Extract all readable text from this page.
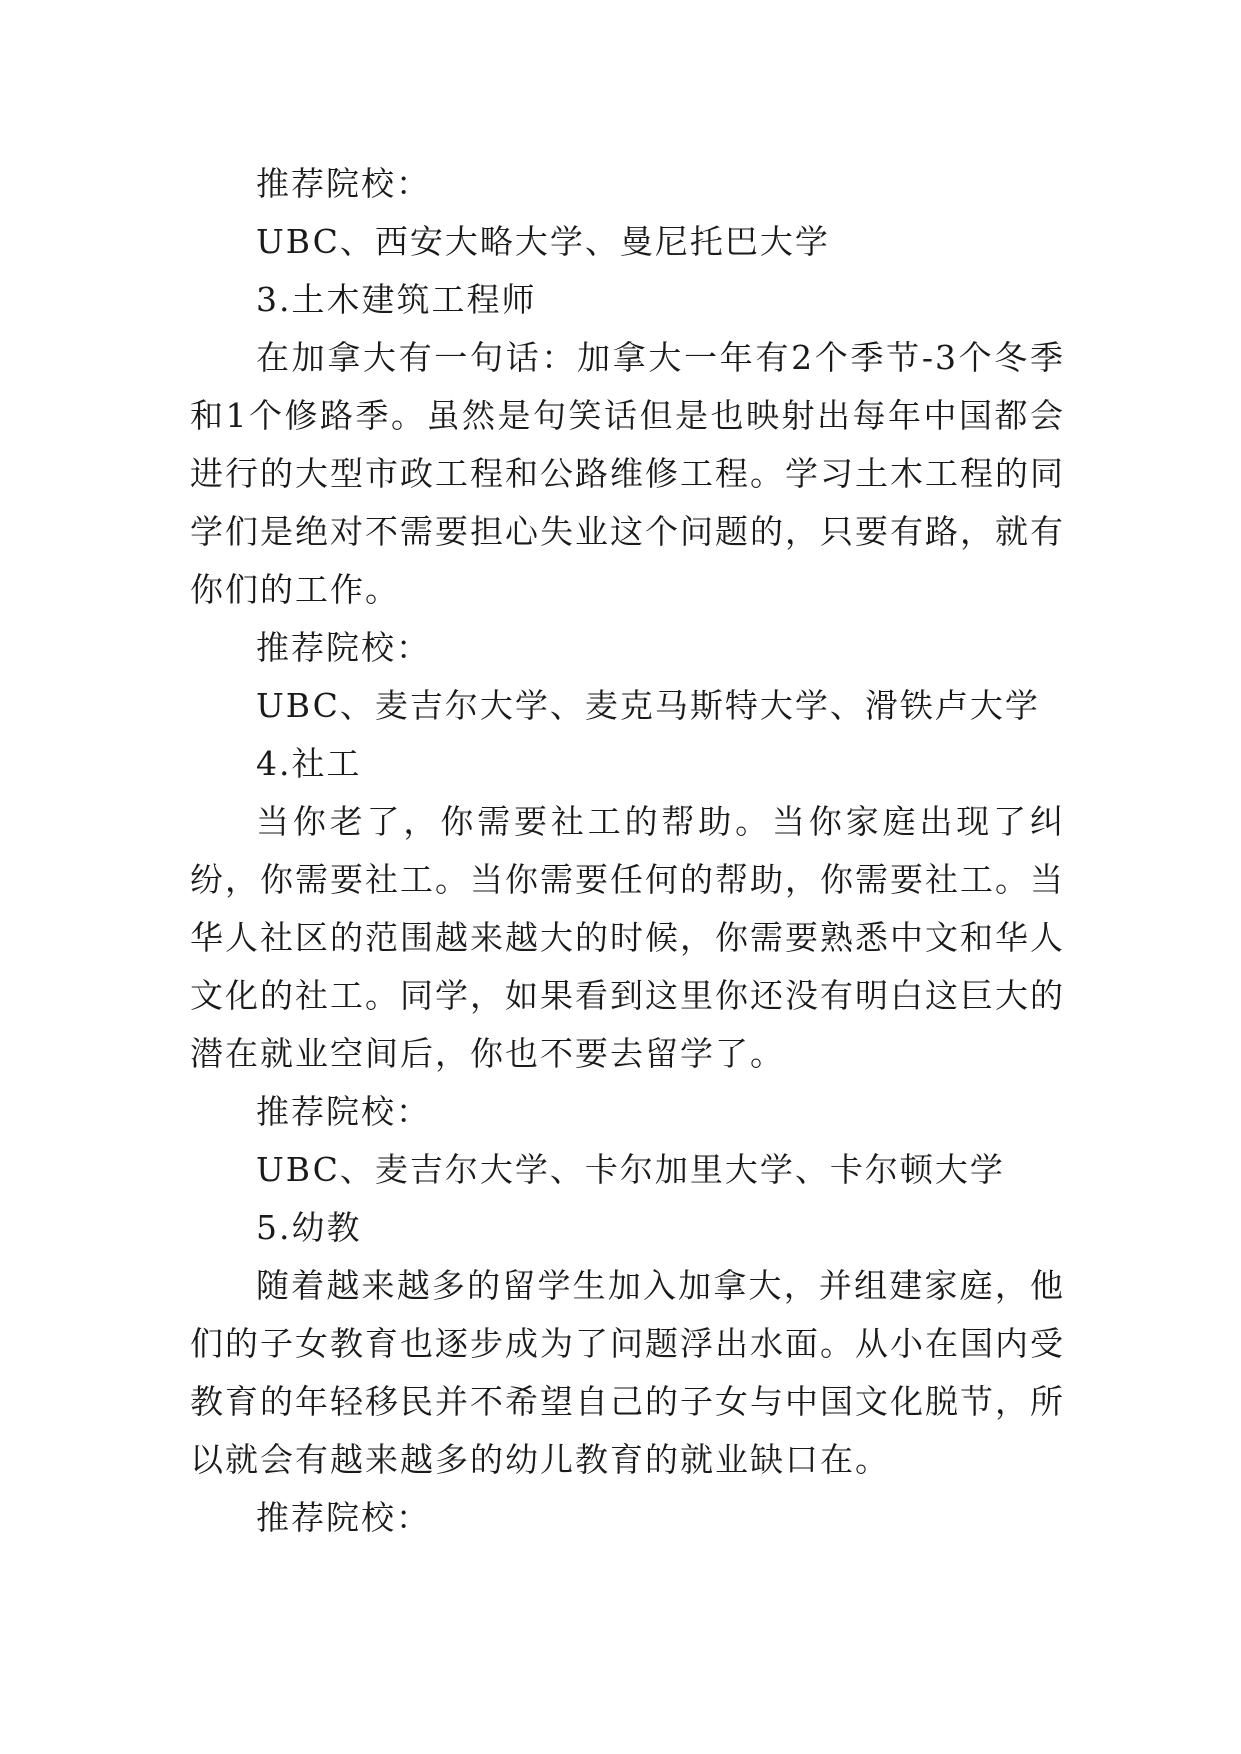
推荐院校：

UBC、西安大略大学、曼尼托巴大学

3.土木建筑工程师

在加拿大有一句话：加拿大一年有2个季节-3个冬季和1个修路季。虽然是句笑话但是也映射出每年中国都会进行的大型市政工程和公路维修工程。学习土木工程的同学们是绝对不需要担心失业这个问题的，只要有路，就有你们的工作。

推荐院校：

UBC、麦吉尔大学、麦克马斯特大学、滑铁卢大学

4.社工

当你老了，你需要社工的帮助。当你家庭出现了纠纷，你需要社工。当你需要任何的帮助，你需要社工。当华人社区的范围越来越大的时候，你需要熟悉中文和华人文化的社工。同学，如果看到这里你还没有明白这巨大的潜在就业空间后，你也不要去留学了。

推荐院校：

UBC、麦吉尔大学、卡尔加里大学、卡尔顿大学

5.幼教

随着越来越多的留学生加入加拿大，并组建家庭，他们的子女教育也逐步成为了问题浮出水面。从小在国内受教育的年轻移民并不希望自己的子女与中国文化脱节，所以就会有越来越多的幼儿教育的就业缺口在。

推荐院校：
